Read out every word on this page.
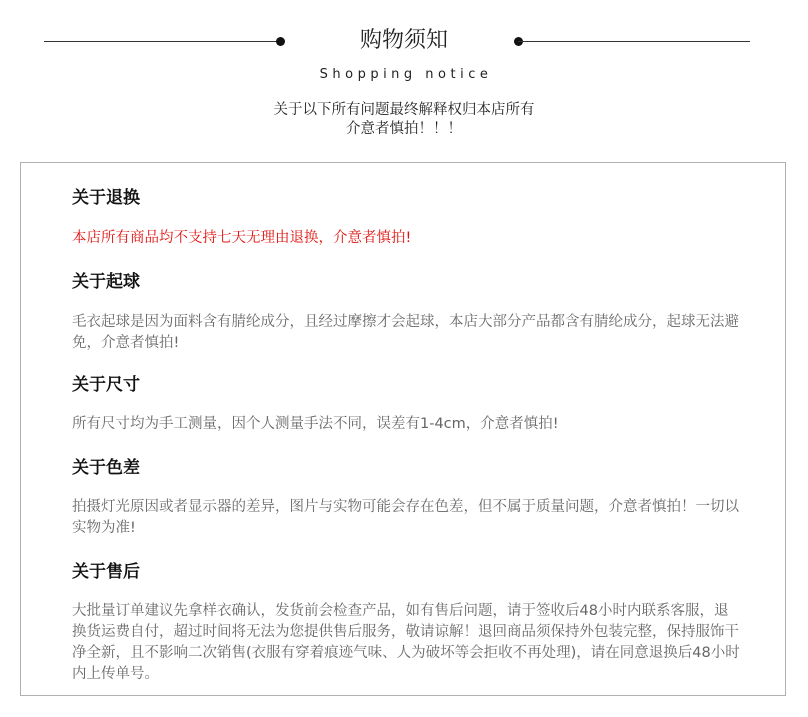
购物须知
Shopping notice
关于以下所有问题最终解释权归本店所有
介意者慎拍！！！
关于退换
本店所有商品均不支持七天无理由退换，介意者慎拍!
关于起球
毛衣起球是因为面料含有腈纶成分，且经过摩擦才会起球，本店大部分产品都含有腈纶成分，起球无法避免，介意者慎拍!
关于尺寸
所有尺寸均为手工测量，因个人测量手法不同，误差有1-4cm，介意者慎拍!
关于色差
拍摄灯光原因或者显示器的差异，图片与实物可能会存在色差，但不属于质量问题，介意者慎拍！一切以实物为准!
关于售后
大批量订单建议先拿样衣确认，发货前会检查产品，如有售后问题，请于签收后48小时内联系客服，退换货运费自付，超过时间将无法为您提供售后服务，敬请谅解！退回商品须保持外包装完整，保持服饰干净全新，且不影响二次销售(衣服有穿着痕迹气味、人为破坏等会拒收不再处理)，请在同意退换后48小时内上传单号。
